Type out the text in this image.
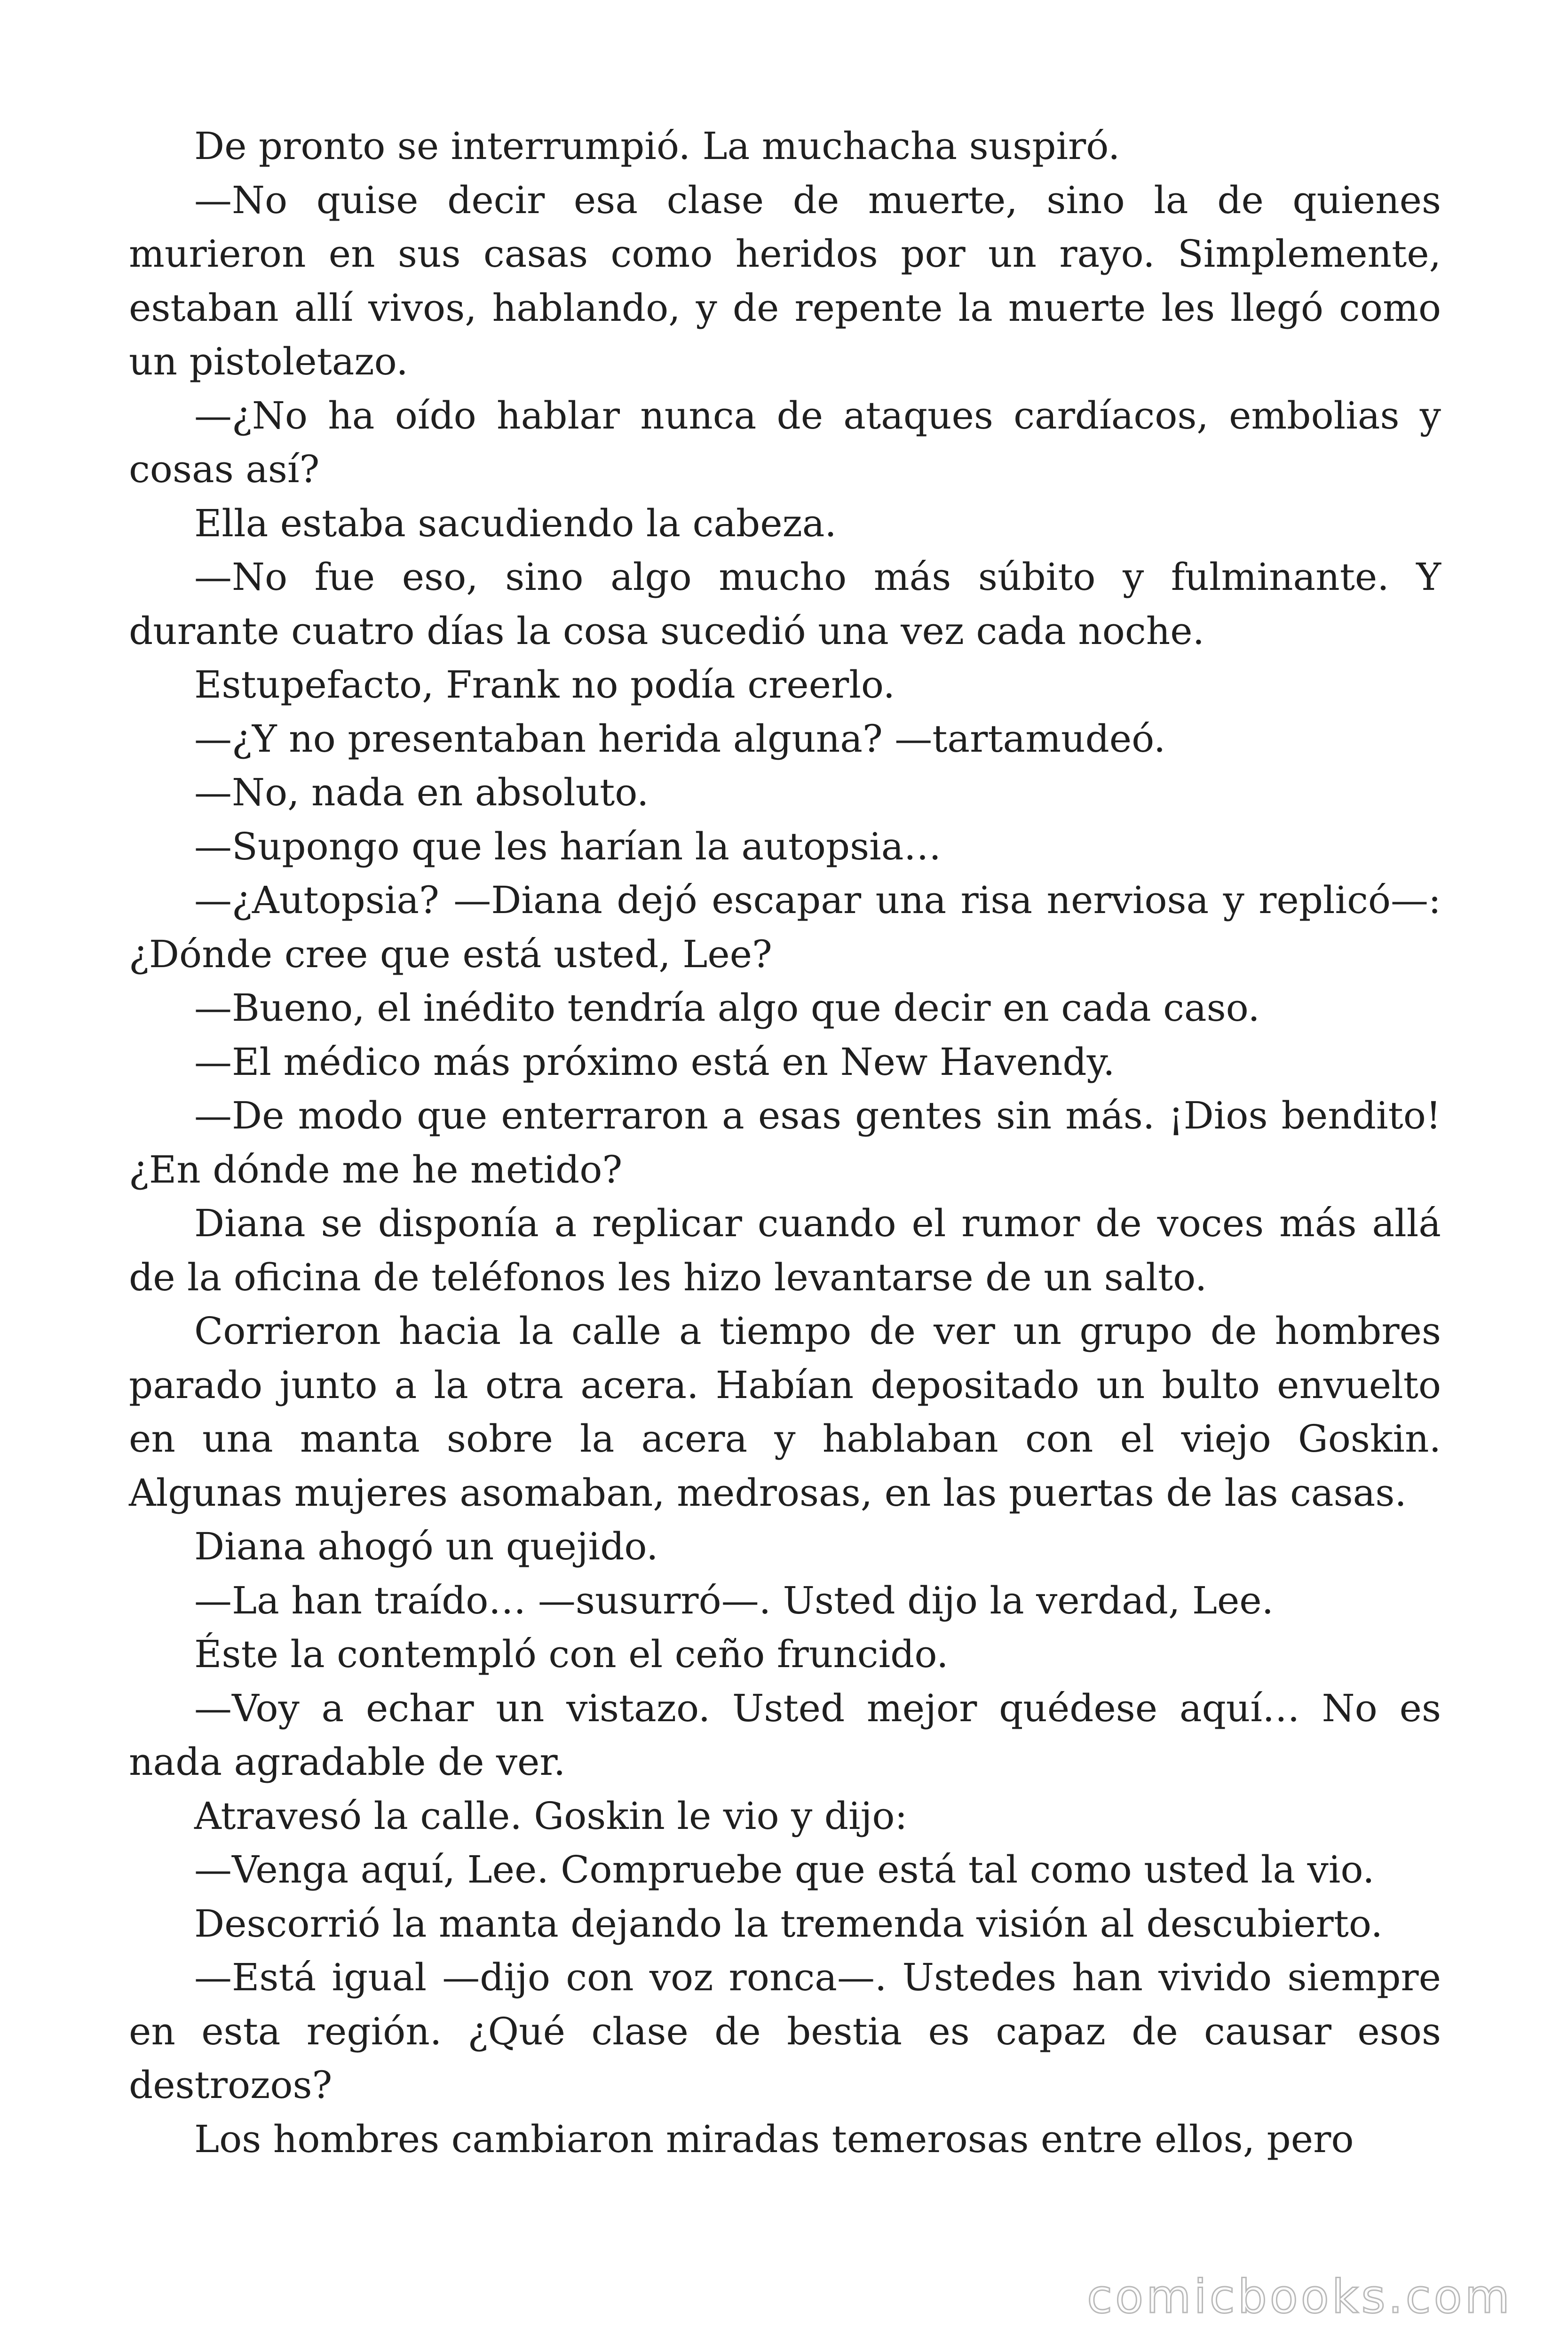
De pronto se interrumpió. La muchacha suspiró.

—No quise decir esa clase de muerte, sino la de quienes murieron en sus casas como heridos por un rayo. Simplemente, estaban allí vivos, hablando, y de repente la muerte les llegó como un pistoletazo.

—¿No ha oído hablar nunca de ataques cardíacos, embolias y cosas así?

Ella estaba sacudiendo la cabeza.

—No fue eso, sino algo mucho más súbito y fulminante. Y durante cuatro días la cosa sucedió una vez cada noche.

Estupefacto, Frank no podía creerlo.

—¿Y no presentaban herida alguna? —tartamudeó.

—No, nada en absoluto.

—Supongo que les harían la autopsia…

—¿Autopsia? —Diana dejó escapar una risa nerviosa y replicó—: ¿Dónde cree que está usted, Lee?

—Bueno, el inédito tendría algo que decir en cada caso.

—El médico más próximo está en New Havendy.

—De modo que enterraron a esas gentes sin más. ¡Dios bendito! ¿En dónde me he metido?

Diana se disponía a replicar cuando el rumor de voces más allá de la oficina de teléfonos les hizo levantarse de un salto.

Corrieron hacia la calle a tiempo de ver un grupo de hombres parado junto a la otra acera. Habían depositado un bulto envuelto en una manta sobre la acera y hablaban con el viejo Goskin. Algunas mujeres asomaban, medrosas, en las puertas de las casas.

Diana ahogó un quejido.

—La han traído… —susurró—. Usted dijo la verdad, Lee.

Éste la contempló con el ceño fruncido.

—Voy a echar un vistazo. Usted mejor quédese aquí… No es nada agradable de ver.

Atravesó la calle. Goskin le vio y dijo:

—Venga aquí, Lee. Compruebe que está tal como usted la vio.

Descorrió la manta dejando la tremenda visión al descubierto.

—Está igual —dijo con voz ronca—. Ustedes han vivido siempre en esta región. ¿Qué clase de bestia es capaz de causar esos destrozos?

Los hombres cambiaron miradas temerosas entre ellos, pero

comicbooks.com
